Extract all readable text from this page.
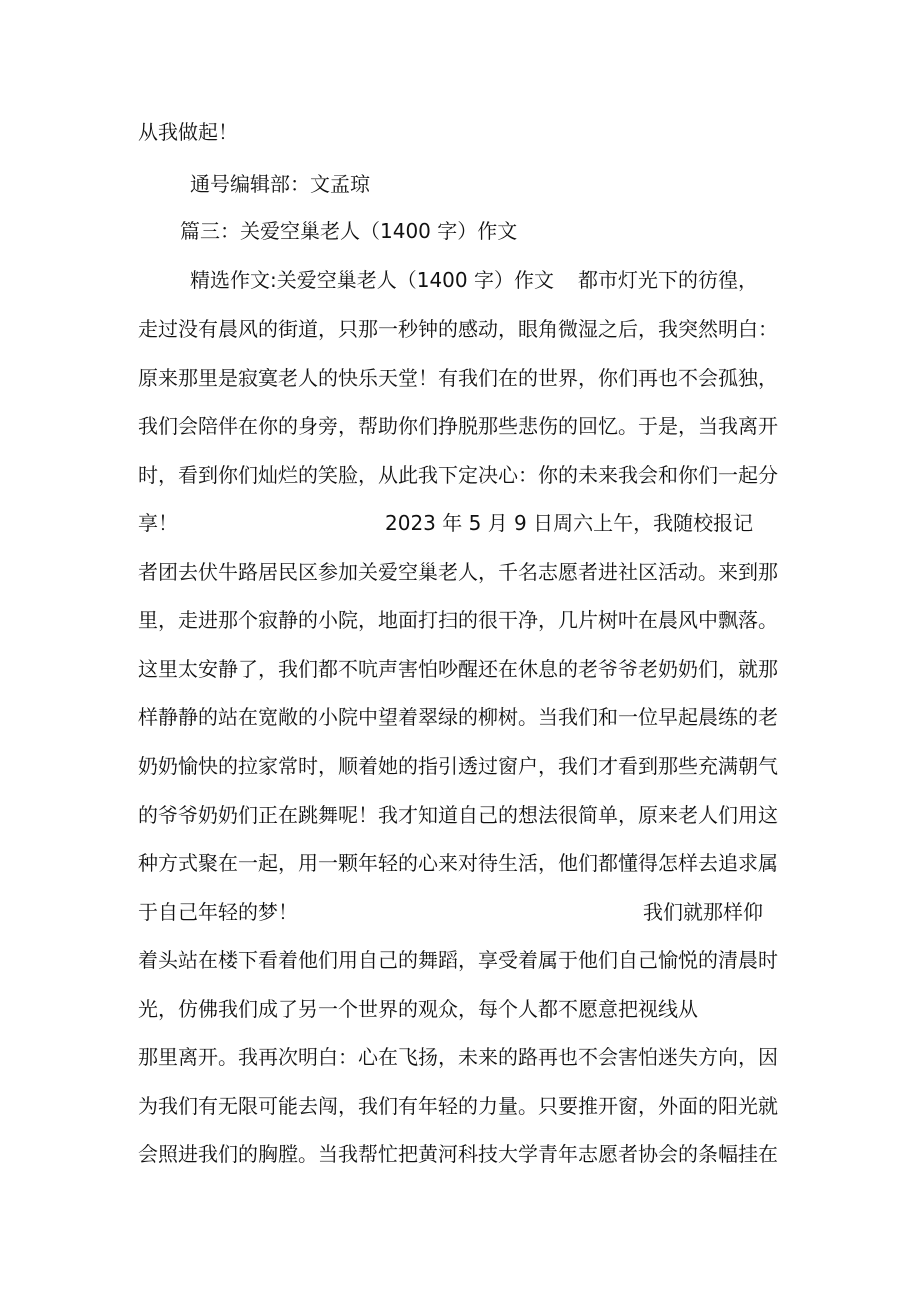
从我做起！
通号编辑部：文孟琼
篇三：关爱空巢老人（1400 字）作文
精选作文:关爱空巢老人（1400 字）作文 都市灯光下的彷徨，
走过没有晨风的街道，只那一秒钟的感动，眼角微湿之后，我突然明白：
原来那里是寂寞老人的快乐天堂！有我们在的世界，你们再也不会孤独，
我们会陪伴在你的身旁，帮助你们挣脱那些悲伤的回忆。于是，当我离开
时，看到你们灿烂的笑脸，从此我下定决心：你的未来我会和你们一起分
享！	2023 年 5 月 9 日周六上午，我随校报记
者团去伏牛路居民区参加关爱空巢老人，千名志愿者进社区活动。来到那
里，走进那个寂静的小院，地面打扫的很干净，几片树叶在晨风中飘落。
这里太安静了，我们都不吭声害怕吵醒还在休息的老爷爷老奶奶们，就那
样静静的站在宽敞的小院中望着翠绿的柳树。当我们和一位早起晨练的老
奶奶愉快的拉家常时，顺着她的指引透过窗户，我们才看到那些充满朝气
的爷爷奶奶们正在跳舞呢！我才知道自己的想法很简单，原来老人们用这
种方式聚在一起，用一颗年轻的心来对待生活，他们都懂得怎样去追求属
于自己年轻的梦！	我们就那样仰
着头站在楼下看着他们用自己的舞蹈，享受着属于他们自己愉悦的清晨时
光，仿佛我们成了另一个世界的观众，每个人都不愿意把视线从
那里离开。我再次明白：心在飞扬，未来的路再也不会害怕迷失方向，因
为我们有无限可能去闯，我们有年轻的力量。只要推开窗，外面的阳光就
会照进我们的胸膛。当我帮忙把黄河科技大学青年志愿者协会的条幅挂在
